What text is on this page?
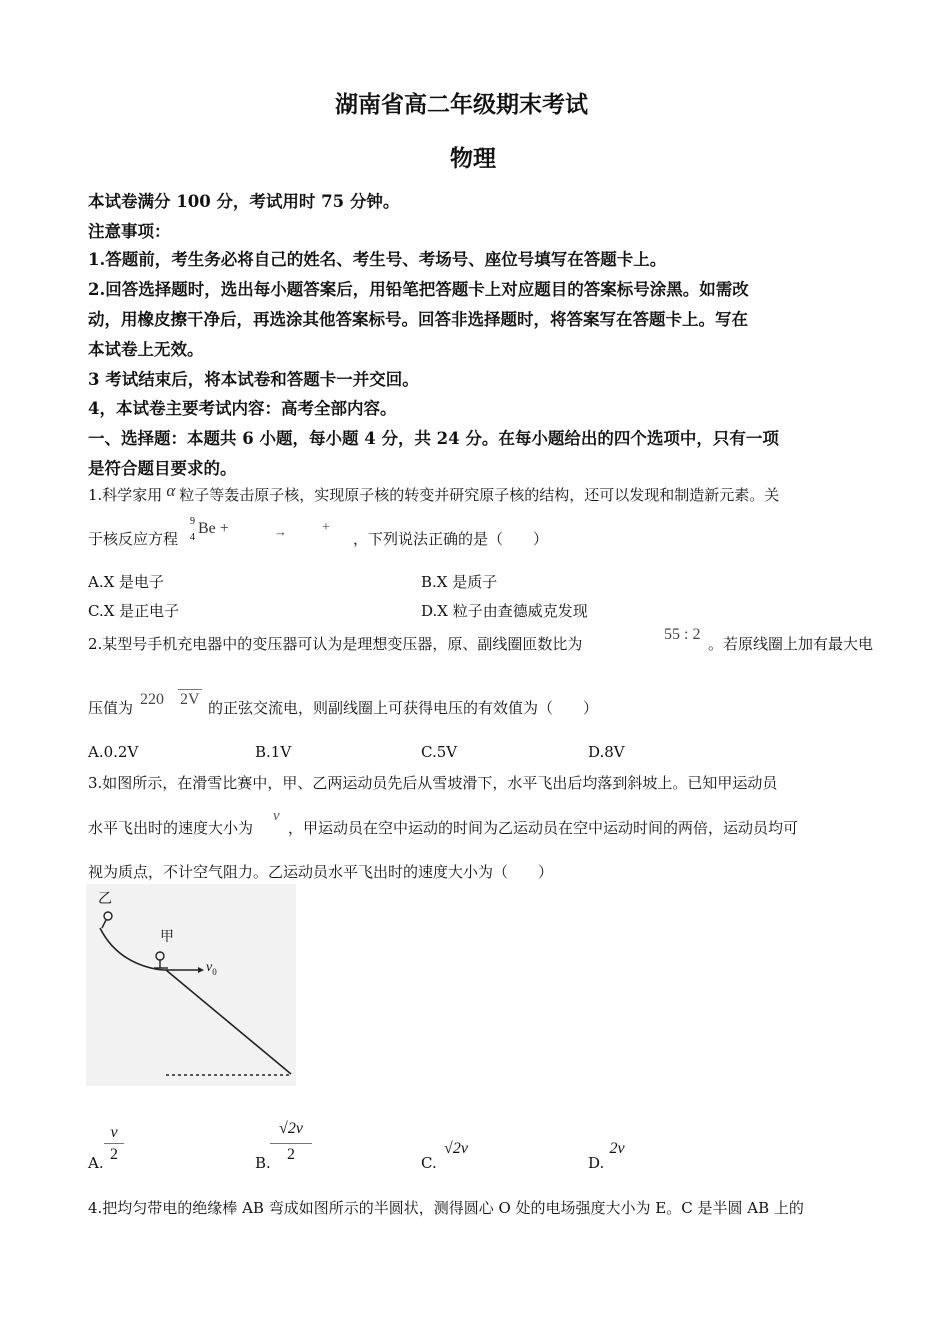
湖南省高二年级期末考试
物理
本试卷满分 100 分，考试用时 75 分钟。
注意事项：
1.答题前，考生务必将自己的姓名、考生号、考场号、座位号填写在答题卡上。
2.回答选择题时，选出每小题答案后，用铅笔把答题卡上对应题目的答案标号涂黑。如需改
动，用橡皮擦干净后，再选涂其他答案标号。回答非选择题时，将答案写在答题卡上。写在
本试卷上无效。
3 考试结束后，将本试卷和答题卡一并交回。
4，本试卷主要考试内容：高考全部内容。
一、选择题：本题共 6 小题，每小题 4 分，共 24 分。在每小题给出的四个选项中，只有一项
是符合题目要求的。
1.科学家用 α 粒子等轰击原子核，实现原子核的转变并研究原子核的结构，还可以发现和制造新元素。关
于核反应方程
9
4
Be +	→	+
，下列说法正确的是（　　）
A.X 是电子	B.X 是质子
C.X 是正电子	D.X 粒子由查德威克发现
2.某型号手机充电器中的变压器可认为是理想变压器，原、副线圈匝数比为
55 : 2
。若原线圈上加有最大电
压值为 220 2V 的正弦交流电，则副线圈上可获得电压的有效值为（　　）
A.0.2V	B.1V	C.5V	D.8V
3.如图所示，在滑雪比赛中，甲、乙两运动员先后从雪坡滑下，水平飞出后均落到斜坡上。已知甲运动员
水平飞出时的速度大小为
v
，甲运动员在空中运动的时间为乙运动员在空中运动时间的两倍，运动员均可
视为质点，不计空气阻力。乙运动员水平飞出时的速度大小为（　　）
乙
甲
$v_0$
A.
v
2	B.
√2v
2	C.
√2v
D.
2v
4.把均匀带电的绝缘棒 AB 弯成如图所示的半圆状，测得圆心 O 处的电场强度大小为 E。C 是半圆 AB 上的
